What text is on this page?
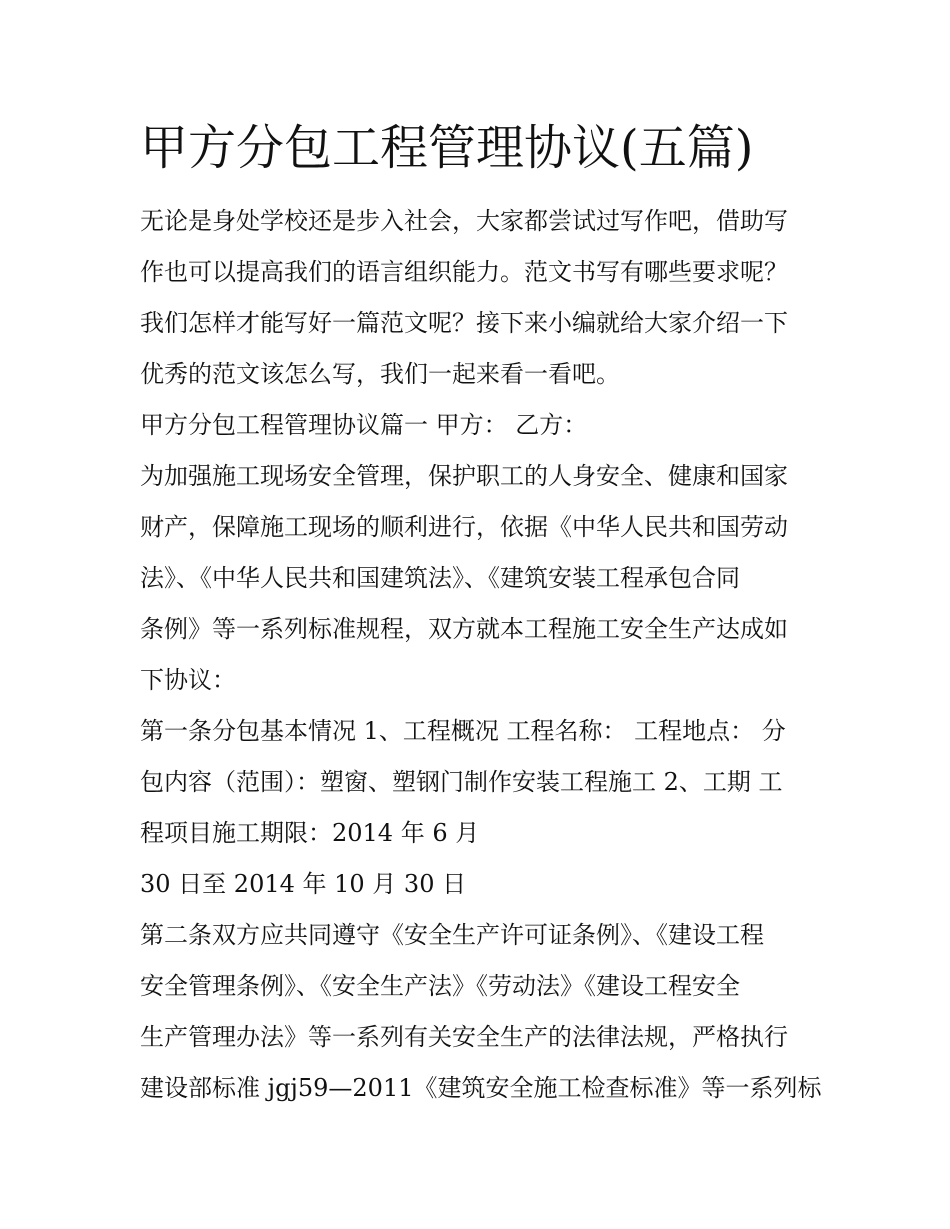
甲方分包工程管理协议(五篇)

无论是身处学校还是步入社会，大家都尝试过写作吧，借助写

作也可以提高我们的语言组织能力。范文书写有哪些要求呢？

我们怎样才能写好一篇范文呢？接下来小编就给大家介绍一下

优秀的范文该怎么写，我们一起来看一看吧。

甲方分包工程管理协议篇一 甲方： 乙方：

为加强施工现场安全管理，保护职工的人身安全、健康和国家

财产，保障施工现场的顺利进行，依据《中华人民共和国劳动

法》、《中华人民共和国建筑法》、《建筑安装工程承包合同

条例》等一系列标准规程，双方就本工程施工安全生产达成如

下协议：

第一条分包基本情况 1、工程概况 工程名称： 工程地点： 分

包内容（范围）：塑窗、塑钢门制作安装工程施工 2、工期 工

程项目施工期限：2014 年 6 月

30 日至 2014 年 10 月 30 日

第二条双方应共同遵守《安全生产许可证条例》、《建设工程

安全管理条例》、《安全生产法》《劳动法》《建设工程安全

生产管理办法》等一系列有关安全生产的法律法规，严格执行

建设部标准 jgj59—2011《建筑安全施工检查标准》等一系列标
